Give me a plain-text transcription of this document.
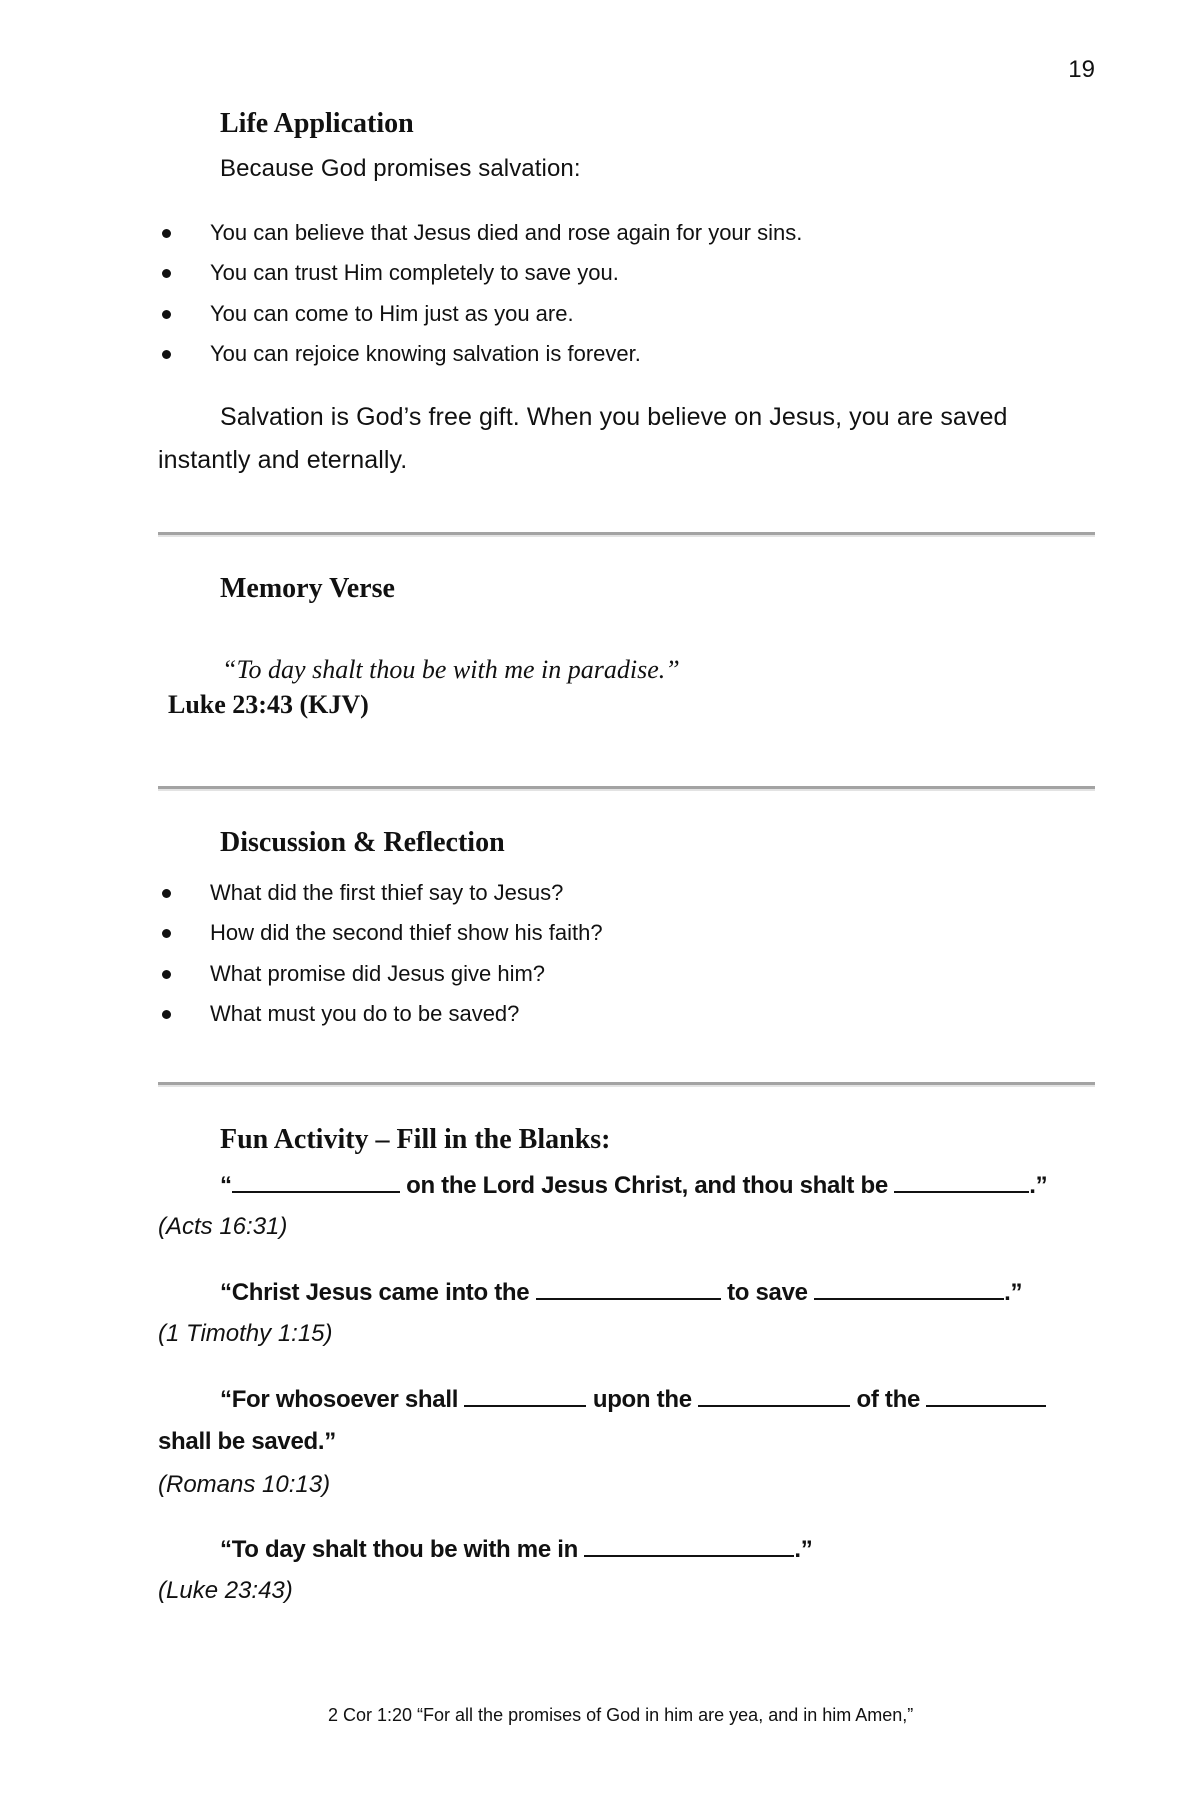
19
Life Application
Because God promises salvation:
You can believe that Jesus died and rose again for your sins.
You can trust Him completely to save you.
You can come to Him just as you are.
You can rejoice knowing salvation is forever.
Salvation is God’s free gift. When you believe on Jesus, you are saved
instantly and eternally.
Memory Verse
“To day shalt thou be with me in paradise.”
Luke 23:43 (KJV)
Discussion & Reflection
What did the first thief say to Jesus?
How did the second thief show his faith?
What promise did Jesus give him?
What must you do to be saved?
Fun Activity – Fill in the Blanks:
“	on the Lord Jesus Christ, and thou shalt be	.”
(Acts 16:31)
“Christ Jesus came into the	to save	.”
(1 Timothy 1:15)
“For whosoever shall	upon the	of the
shall be saved.”
(Romans 10:13)
“To day shalt thou be with me in	.”
(Luke 23:43)
2 Cor 1:20 “For all the promises of God in him are yea, and in him Amen,”
